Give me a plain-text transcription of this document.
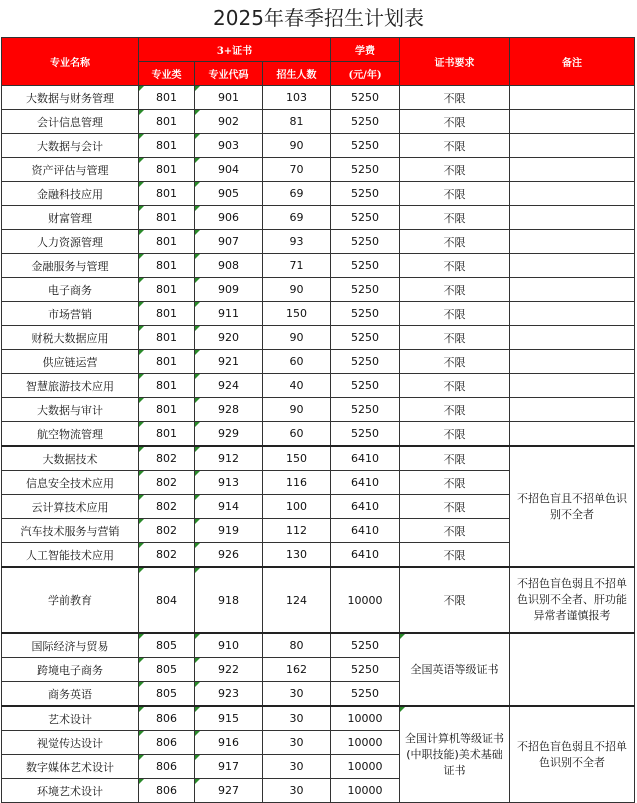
2025年春季招生计划表
专业名称	3+证书			学费	证书要求	备注
	专业类	专业代码	招生人数	(元/年)		
大数据与财务管理	801	901	103	5250	不限	
会计信息管理	801	902	81	5250	不限	
大数据与会计	801	903	90	5250	不限	
资产评估与管理	801	904	70	5250	不限	
金融科技应用	801	905	69	5250	不限	
财富管理	801	906	69	5250	不限	
人力资源管理	801	907	93	5250	不限	
金融服务与管理	801	908	71	5250	不限	
电子商务	801	909	90	5250	不限	
市场营销	801	911	150	5250	不限	
财税大数据应用	801	920	90	5250	不限	
供应链运营	801	921	60	5250	不限	
智慧旅游技术应用	801	924	40	5250	不限	
大数据与审计	801	928	90	5250	不限	
航空物流管理	801	929	60	5250	不限	
大数据技术	802	912	150	6410	不限	不招色盲且不招单色识别不全者
信息安全技术应用	802	913	116	6410	不限	
云计算技术应用	802	914	100	6410	不限	
汽车技术服务与营销	802	919	112	6410	不限	
人工智能技术应用	802	926	130	6410	不限	
学前教育	804	918	124	10000	不限	不招色盲色弱且不招单色识别不全者、肝功能异常者谨慎报考
国际经济与贸易	805	910	80	5250	全国英语等级证书	
跨境电子商务	805	922	162	5250		
商务英语	805	923	30	5250		
艺术设计	806	915	30	10000	全国计算机等级证书(中职技能)美术基础证书	不招色盲色弱且不招单色识别不全者
视觉传达设计	806	916	30	10000		
数字媒体艺术设计	806	917	30	10000		
环境艺术设计	806	927	30	10000		
